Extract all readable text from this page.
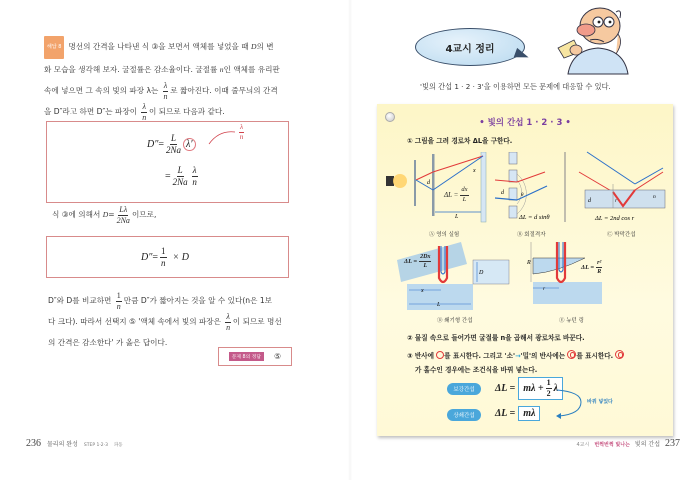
해답 8 명선의 간격을 나타낸 식 ③을 보면서 액체를 넣었을 때 D의 변
화 모습을 생각해 보자. 굴절률은 감소율이다. 굴절률 n인 액체를 유리판
속에 넣으면 그 속의 빛의 파장 λ는 $\frac{\lambda}{n}$ 로 짧아진다. 이때 줄무늬의 간격
을 D″라고 하면 D″는 파장이 $\frac{\lambda}{n}$ 이 되므로 다음과 같다.
$D'' = \frac{L}{2Na} \lambda'$
$\frac{\lambda}{n}$
= $\frac{L}{2Na} \frac{\lambda}{n}$
식 ③에 의해서 $D= \frac{L\lambda}{2Na}$ 이므로,
$D'' = \frac{1}{n} \times D$
D″와 D를 비교하면 $\frac{1}{n}$ 만큼 D″가 짧아지는 것을 알 수 있다(n은 1보
다 크다). 따라서 선택지 ⑤ '액체 속에서 빛의 파장은 $\frac{\lambda}{n}$ 이 되므로 명선
의 간격은 감소한다' 가 옳은 답이다.
문제 8의 정답	⑤
236 물리의 완성 STEP 1·2·3 파동
4교시 정리
'빛의 간섭 1 · 2 · 3'을 이용하면 모든 문제에 대응할 수 있다.
• 빛의 간섭 1 · 2 · 3 •
① 그림을 그려 경로차 ΔL을 구한다.
x
d
L
$\Delta L = \frac{dx}{L}$
Ⓐ 영의 실험
d	θ
ΔL = d sinθ
Ⓑ 회절격자
d	r
n
ΔL = 2nd cos r
Ⓒ 박막간섭
D
x
L
$\Delta L = \frac{2Dx}{L}$
Ⓓ 쐐기형 간섭
R
r
$\Delta L = \frac{\text{r²}}{R}$
Ⓔ 뉴턴 링
② 물질 속으로 들어가면 굴절률 n을 곱해서 광로차로 바꾼다.
③ 반사에 를 표시한다. 그리고 '소'→'밀'의 반사에는 를 표시한다.
가 홀수인 경우에는 조건식을 바꿔 넣는다.
보강간섭	$\Delta L = m\lambda + \frac{1}{2}$ λ
상쇄간섭	ΔL = mλ
바꿔 넣었다
4교시 번쩍번쩍 빛나는 빛의 간섭 237
